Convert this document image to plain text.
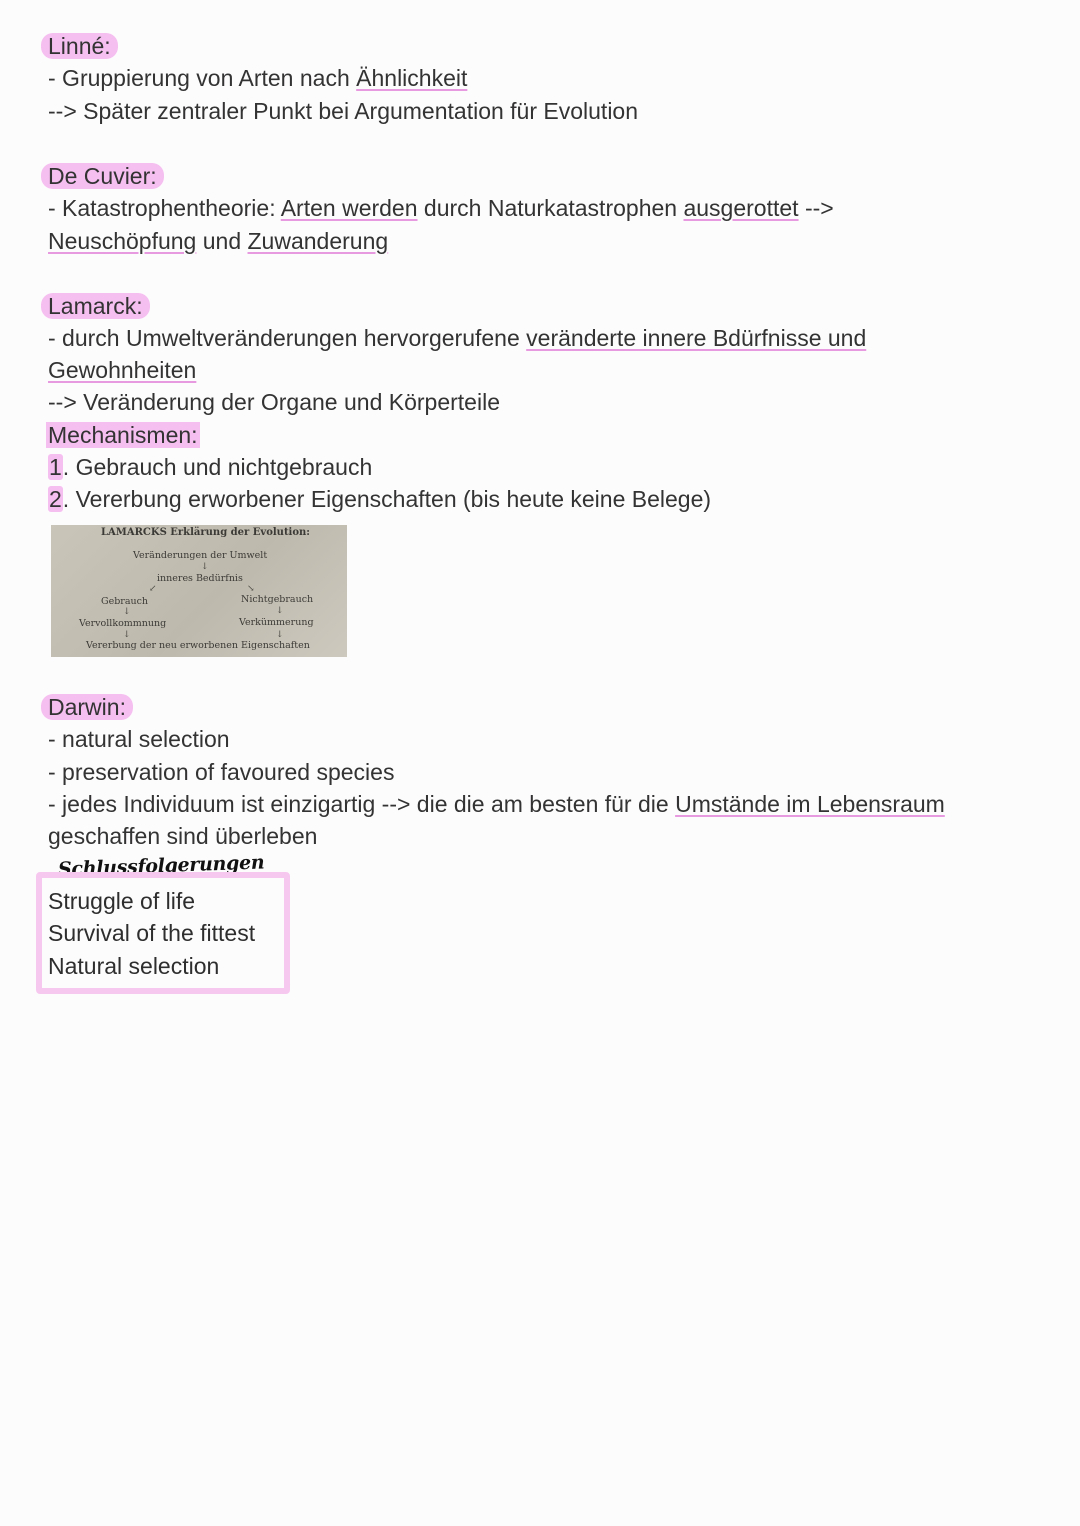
Linné:
- Gruppierung von Arten nach Ähnlichkeit
--> Später zentraler Punkt bei Argumentation für Evolution
De Cuvier:
- Katastrophentheorie: Arten werden durch Naturkatastrophen ausgerottet -->
Neuschöpfung und Zuwanderung
Lamarck:
- durch Umweltveränderungen hervorgerufene veränderte innere Bdürfnisse und
Gewohnheiten
--> Veränderung der Organe und Körperteile
Mechanismen:
1. Gebrauch und nichtgebrauch
2. Vererbung erworbener Eigenschaften (bis heute keine Belege)
LAMARCKS Erklärung der Evolution:
Veränderungen der Umwelt
↓
inneres Bedürfnis
↙	↘
Gebrauch	Nichtgebrauch
↓	↓
Vervollkommnung	Verkümmerung
↓	↓
Vererbung der neu erworbenen Eigenschaften
Darwin:
- natural selection
- preservation of favoured species
- jedes Individuum ist einzigartig --> die die am besten für die Umstände im Lebensraum
geschaffen sind überleben
Schlussfolgerungen
Struggle of life
Survival of the fittest
Natural selection
